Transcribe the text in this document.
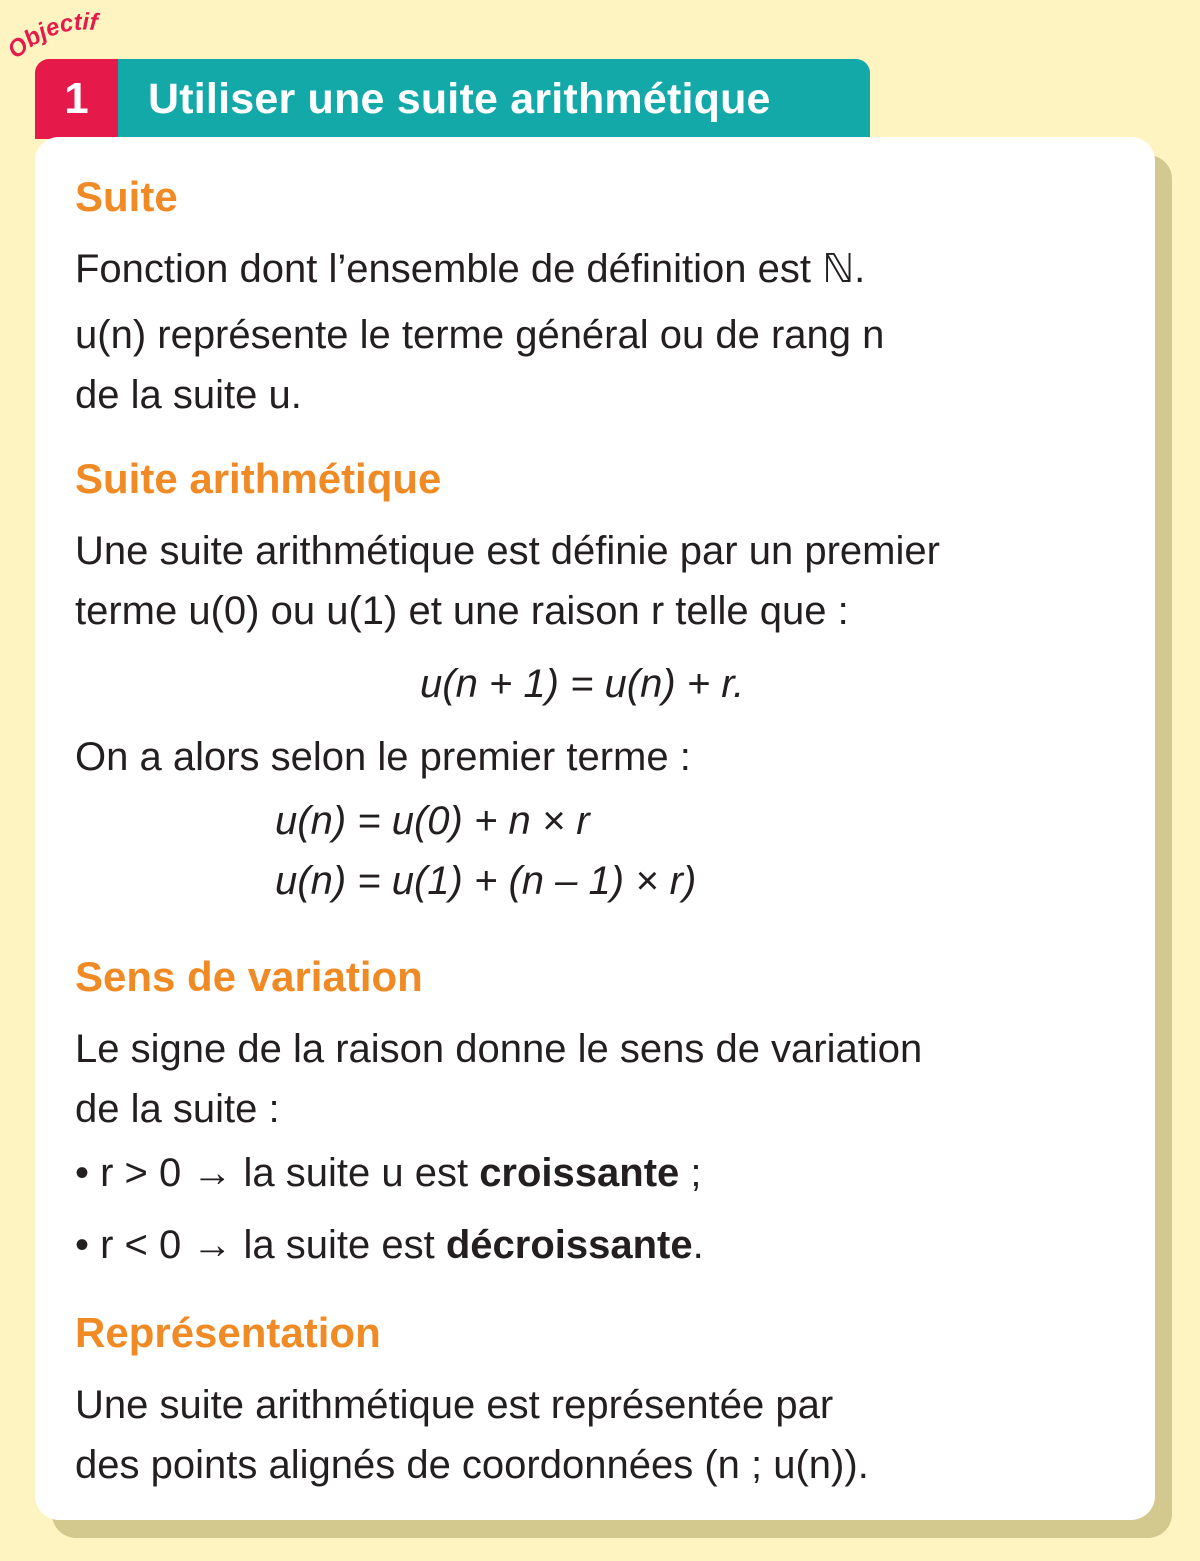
bjectif
1	Utiliser une suite arithmétique
Suite
Fonction dont l’ensemble de définition est ℕ.
u(n) représente le terme général ou de rang n
de la suite u.
Suite arithmétique
Une suite arithmétique est définie par un premier
terme u(0) ou u(1) et une raison r telle que :
u(n + 1) = u(n) + r.
On a alors selon le premier terme :
u(n) = u(0) + n × r
u(n) = u(1) + (n – 1) × r)
Sens de variation
Le signe de la raison donne le sens de variation
de la suite :
• r > 0 → la suite u est croissante ;
• r < 0 → la suite est décroissante.
Représentation
Une suite arithmétique est représentée par
des points alignés de coordonnées (n ; u(n)).
